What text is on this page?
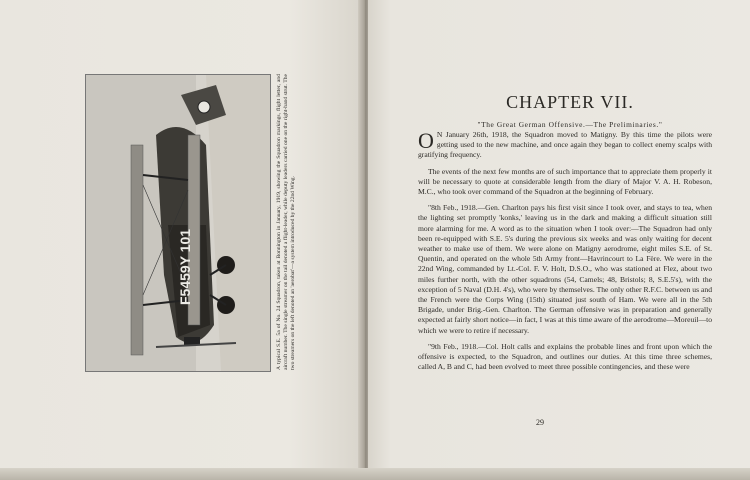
F5459Y 101	A typical S.E. 5a of No. 24 Squadron, taken at Bonnington in January, 1919, showing the Squadron markings, flight letter, and aircraft number. The single streamer on the tail denoted a flight-leader, while deputy leaders carried one on the right-hand strut. The two streamers on the left denoted an 'aerobat'—a system introduced by the 22nd Wing.
CHAPTER VII.
"The Great German Offensive.—The Preliminaries."

O N January 26th, 1918, the Squadron moved to Matigny. By this time the pilots were getting used to the new machine, and once again they began to collect enemy scalps with gratifying frequency.

The events of the next few months are of such importance that to appreciate them properly it will be necessary to quote at considerable length from the diary of Major V. A. H. Robeson, M.C., who took over command of the Squadron at the beginning of February.

"8th Feb., 1918.—Gen. Charlton pays his first visit since I took over, and stays to tea, when the lighting set promptly 'konks,' leaving us in the dark and making a difficult situation still more alarming for me. A word as to the situation when I took over:—The Squadron had only been re-equipped with S.E. 5's during the previous six weeks and was only waiting for decent weather to make use of them. We were alone on Matigny aerodrome, eight miles S.E. of St. Quentin, and operated on the whole 5th Army front—Havrincourt to La Fère. We were in the 22nd Wing, commanded by Lt.-Col. F. V. Holt, D.S.O., who was stationed at Flez, about two miles further north, with the other squadrons (54, Camels; 48, Bristols; 8, S.E.5's), with the exception of 5 Naval (D.H. 4's), who were by themselves. The only other R.F.C. between us and the French were the Corps Wing (15th) situated just south of Ham. We were all in the 5th Brigade, under Brig.-Gen. Charlton. The German offensive was in preparation and generally expected at fairly short notice—in fact, I was at this time aware of the aerodrome—Moreuil—to which we were to retire if necessary.

"9th Feb., 1918.—Col. Holt calls and explains the probable lines and front upon which the offensive is expected, to the Squadron, and outlines our duties. At this time three schemes, called A, B and C, had been evolved to meet three possible contingencies, and these were

29
